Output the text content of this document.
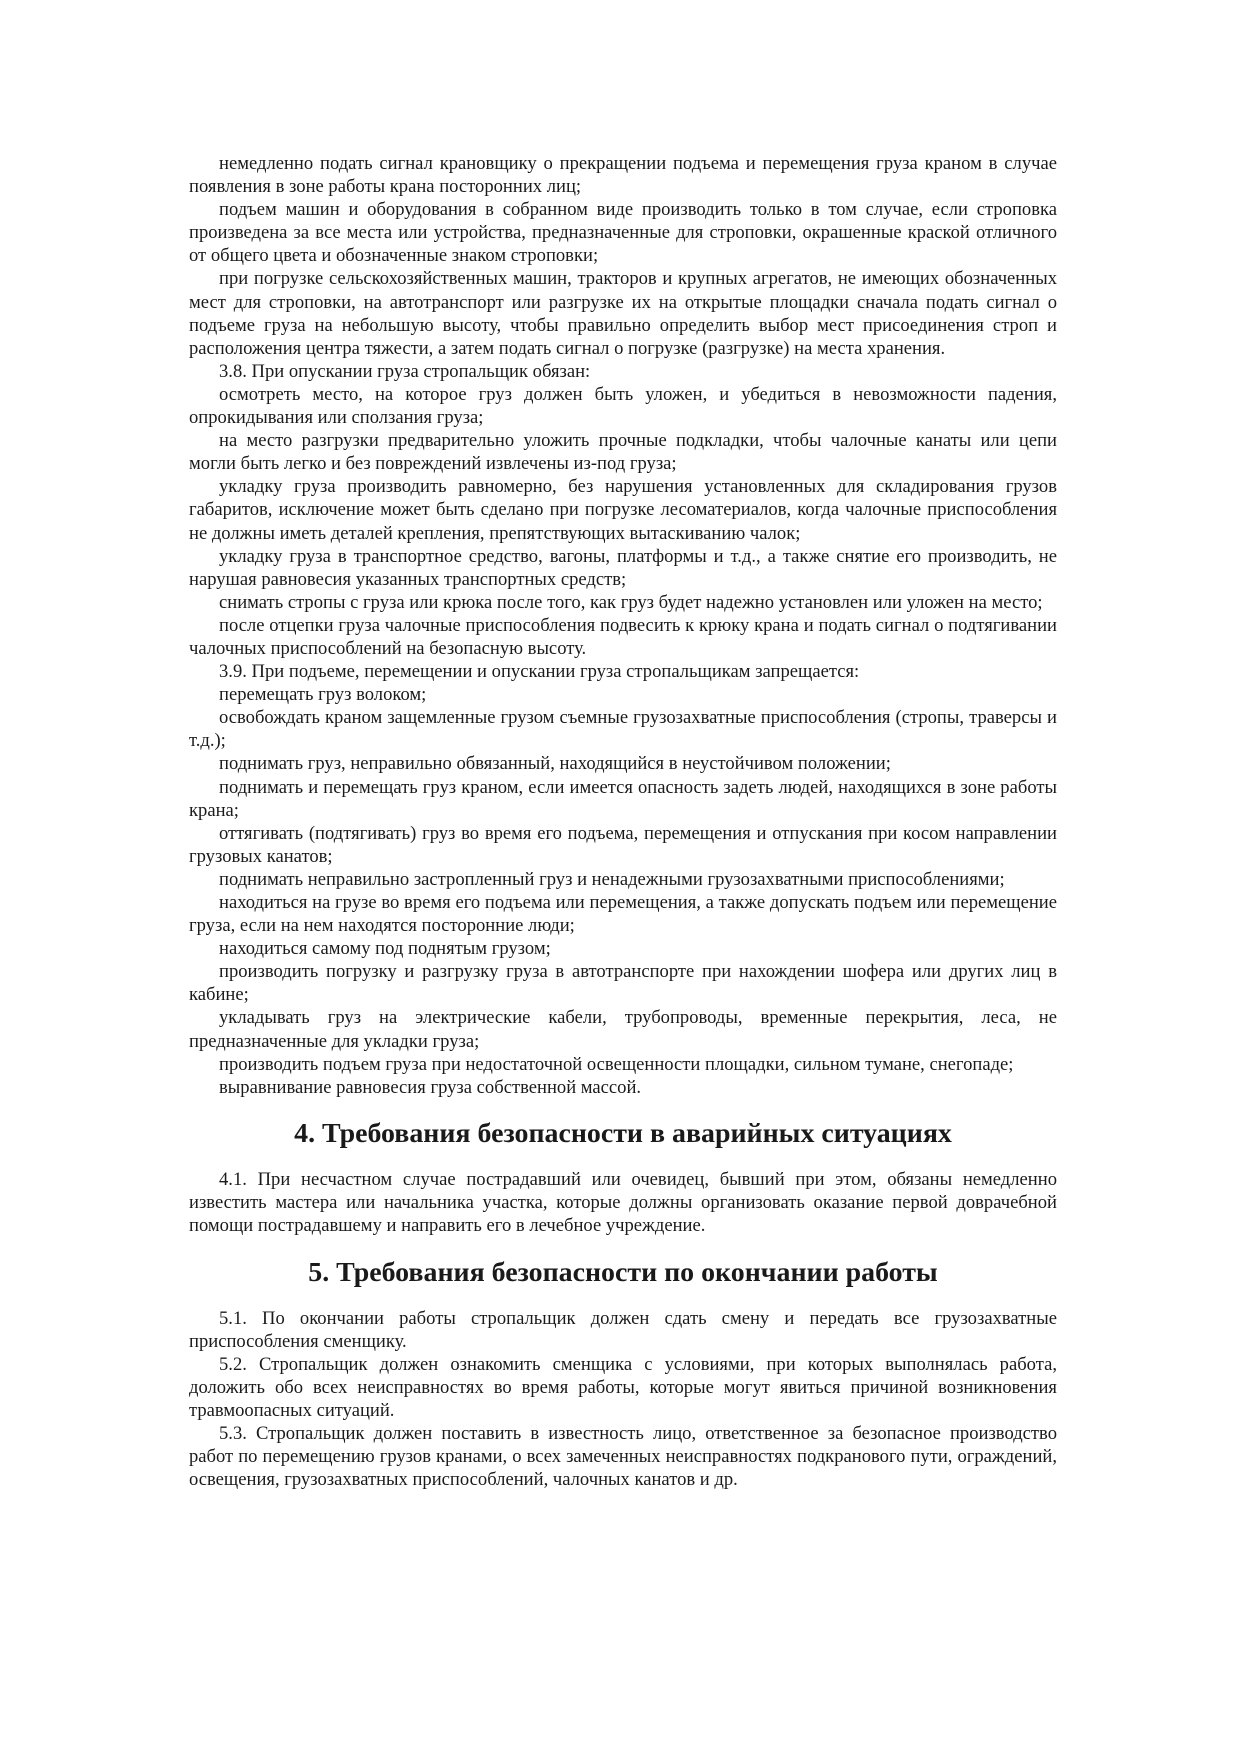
немедленно подать сигнал крановщику о прекращении подъема и перемещения груза краном в случае появления в зоне работы крана посторонних лиц;

подъем машин и оборудования в собранном виде производить только в том случае, если строповка произведена за все места или устройства, предназначенные для строповки, окрашенные краской отличного от общего цвета и обозначенные знаком строповки;

при погрузке сельскохозяйственных машин, тракторов и крупных агрегатов, не имеющих обозначенных мест для строповки, на автотранспорт или разгрузке их на открытые площадки сначала подать сигнал о подъеме груза на небольшую высоту, чтобы правильно определить выбор мест присоединения строп и расположения центра тяжести, а затем подать сигнал о погрузке (разгрузке) на места хранения.

3.8. При опускании груза стропальщик обязан:

осмотреть место, на которое груз должен быть уложен, и убедиться в невозможности падения, опрокидывания или сползания груза;

на место разгрузки предварительно уложить прочные подкладки, чтобы чалочные канаты или цепи могли быть легко и без повреждений извлечены из-под груза;

укладку груза производить равномерно, без нарушения установленных для складирования грузов габаритов, исключение может быть сделано при погрузке лесоматериалов, когда чалочные приспособления не должны иметь деталей крепления, препятствующих вытаскиванию чалок;

укладку груза в транспортное средство, вагоны, платформы и т.д., а также снятие его производить, не нарушая равновесия указанных транспортных средств;

снимать стропы с груза или крюка после того, как груз будет надежно установлен или уложен на место;

после отцепки груза чалочные приспособления подвесить к крюку крана и подать сигнал о подтягивании чалочных приспособлений на безопасную высоту.

3.9. При подъеме, перемещении и опускании груза стропальщикам запрещается:

перемещать груз волоком;

освобождать краном защемленные грузом съемные грузозахватные приспособления (стропы, траверсы и т.д.);

поднимать груз, неправильно обвязанный, находящийся в неустойчивом положении;

поднимать и перемещать груз краном, если имеется опасность задеть людей, находящихся в зоне работы крана;

оттягивать (подтягивать) груз во время его подъема, перемещения и отпускания при косом направлении грузовых канатов;

поднимать неправильно застропленный груз и ненадежными грузозахватными приспособлениями;

находиться на грузе во время его подъема или перемещения, а также допускать подъем или перемещение груза, если на нем находятся посторонние люди;

находиться самому под поднятым грузом;

производить погрузку и разгрузку груза в автотранспорте при нахождении шофера или других лиц в кабине;

укладывать груз на электрические кабели, трубопроводы, временные перекрытия, леса, не предназначенные для укладки груза;

производить подъем груза при недостаточной освещенности площадки, сильном тумане, снегопаде;

выравнивание равновесия груза собственной массой.

4. Требования безопасности в аварийных ситуациях

4.1. При несчастном случае пострадавший или очевидец, бывший при этом, обязаны немедленно известить мастера или начальника участка, которые должны организовать оказание первой доврачебной помощи пострадавшему и направить его в лечебное учреждение.

5. Требования безопасности по окончании работы

5.1. По окончании работы стропальщик должен сдать смену и передать все грузозахватные приспособления сменщику.

5.2. Стропальщик должен ознакомить сменщика с условиями, при которых выполнялась работа, доложить обо всех неисправностях во время работы, которые могут явиться причиной возникновения травмоопасных ситуаций.

5.3. Стропальщик должен поставить в известность лицо, ответственное за безопасное производство работ по перемещению грузов кранами, о всех замеченных неисправностях подкранового пути, ограждений, освещения, грузозахватных приспособлений, чалочных канатов и др.
